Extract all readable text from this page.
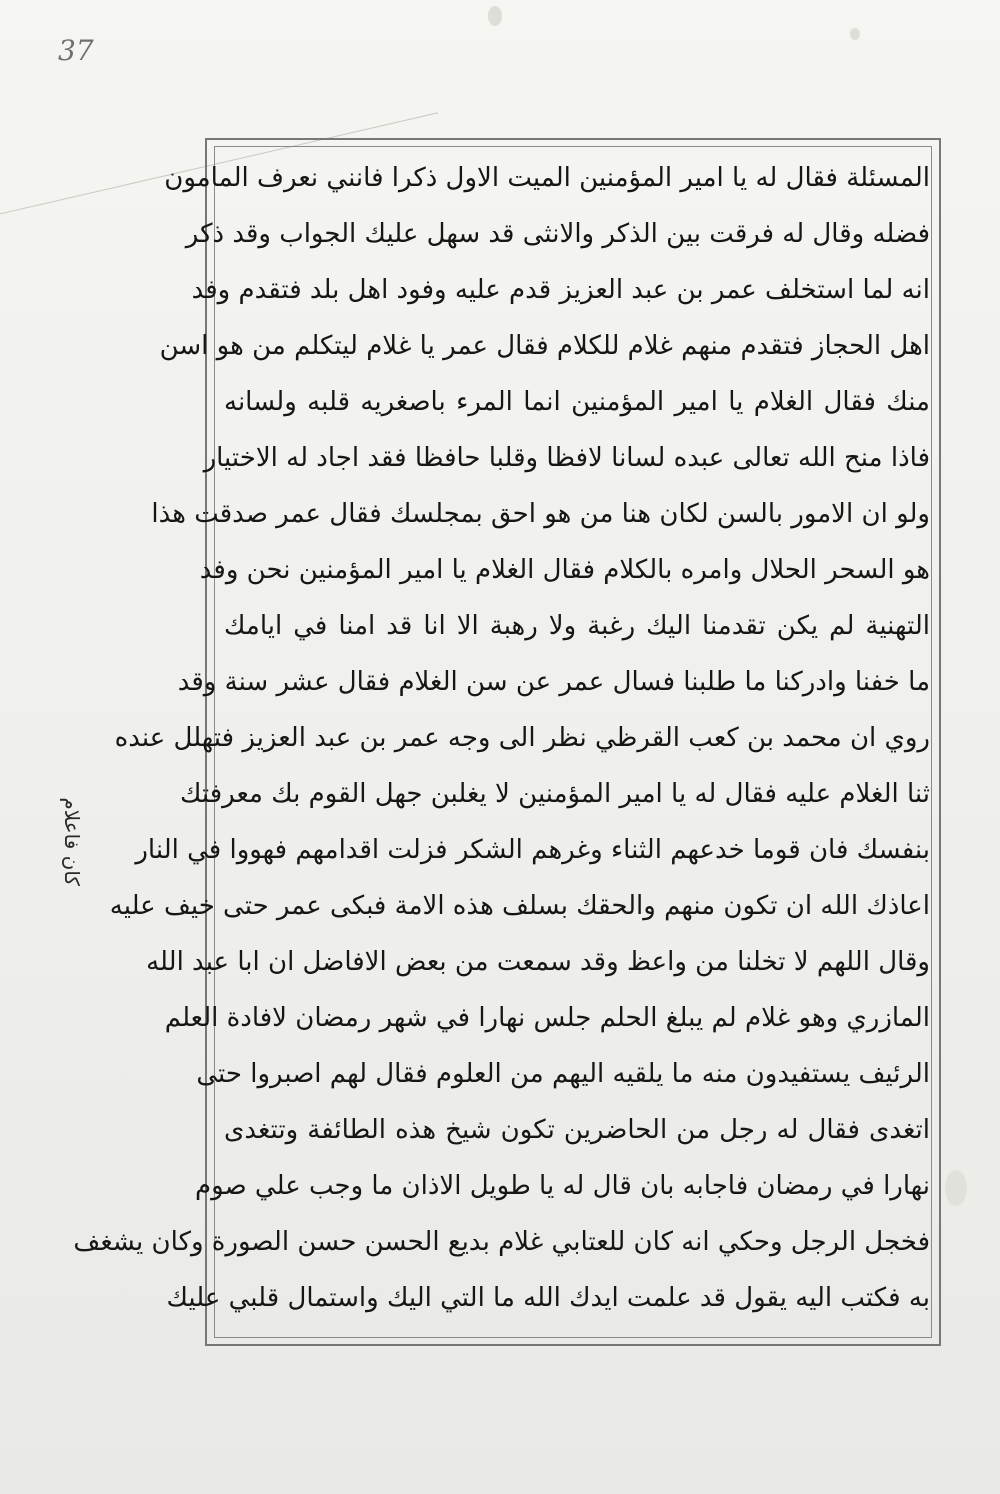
37
كان فاعلام
المسئلة فقال له يا امير المؤمنين الميت الاول ذكرا فانني نعرف المامون
فضله وقال له فرقت بين الذكر والانثى قد سهل عليك الجواب وقد ذكر
انه لما استخلف عمر بن عبد العزيز قدم عليه وفود اهل بلد فتقدم وفد
اهل الحجاز فتقدم منهم غلام للكلام فقال عمر يا غلام ليتكلم من هو اسن
منك فقال الغلام يا امير المؤمنين انما المرء باصغريه قلبه ولسانه
فاذا منح الله تعالى عبده لسانا لافظا وقلبا حافظا فقد اجاد له الاختيار
ولو ان الامور بالسن لكان هنا من هو احق بمجلسك فقال عمر صدقت هذا
هو السحر الحلال وامره بالكلام فقال الغلام يا امير المؤمنين نحن وفد
التهنية لم يكن تقدمنا اليك رغبة ولا رهبة الا انا قد امنا في ايامك
ما خفنا وادركنا ما طلبنا فسال عمر عن سن الغلام فقال عشر سنة وقد
روي ان محمد بن كعب القرظي نظر الى وجه عمر بن عبد العزيز فتهلل عنده
ثنا الغلام عليه فقال له يا امير المؤمنين لا يغلبن جهل القوم بك معرفتك
بنفسك فان قوما خدعهم الثناء وغرهم الشكر فزلت اقدامهم فهووا في النار
اعاذك الله ان تكون منهم والحقك بسلف هذه الامة فبكى عمر حتى خيف عليه
وقال اللهم لا تخلنا من واعظ وقد سمعت من بعض الافاضل ان ابا عبد الله
المازري وهو غلام لم يبلغ الحلم جلس نهارا في شهر رمضان لافادة العلم
الرئيف يستفيدون منه ما يلقيه اليهم من العلوم فقال لهم اصبروا حتى
اتغدى فقال له رجل من الحاضرين تكون شيخ هذه الطائفة وتتغدى
نهارا في رمضان فاجابه بان قال له يا طويل الاذان ما وجب علي صوم
فخجل الرجل وحكي انه كان للعتابي غلام بديع الحسن حسن الصورة وكان يشغف
به فكتب اليه يقول قد علمت ايدك الله ما التي اليك واستمال قلبي عليك
